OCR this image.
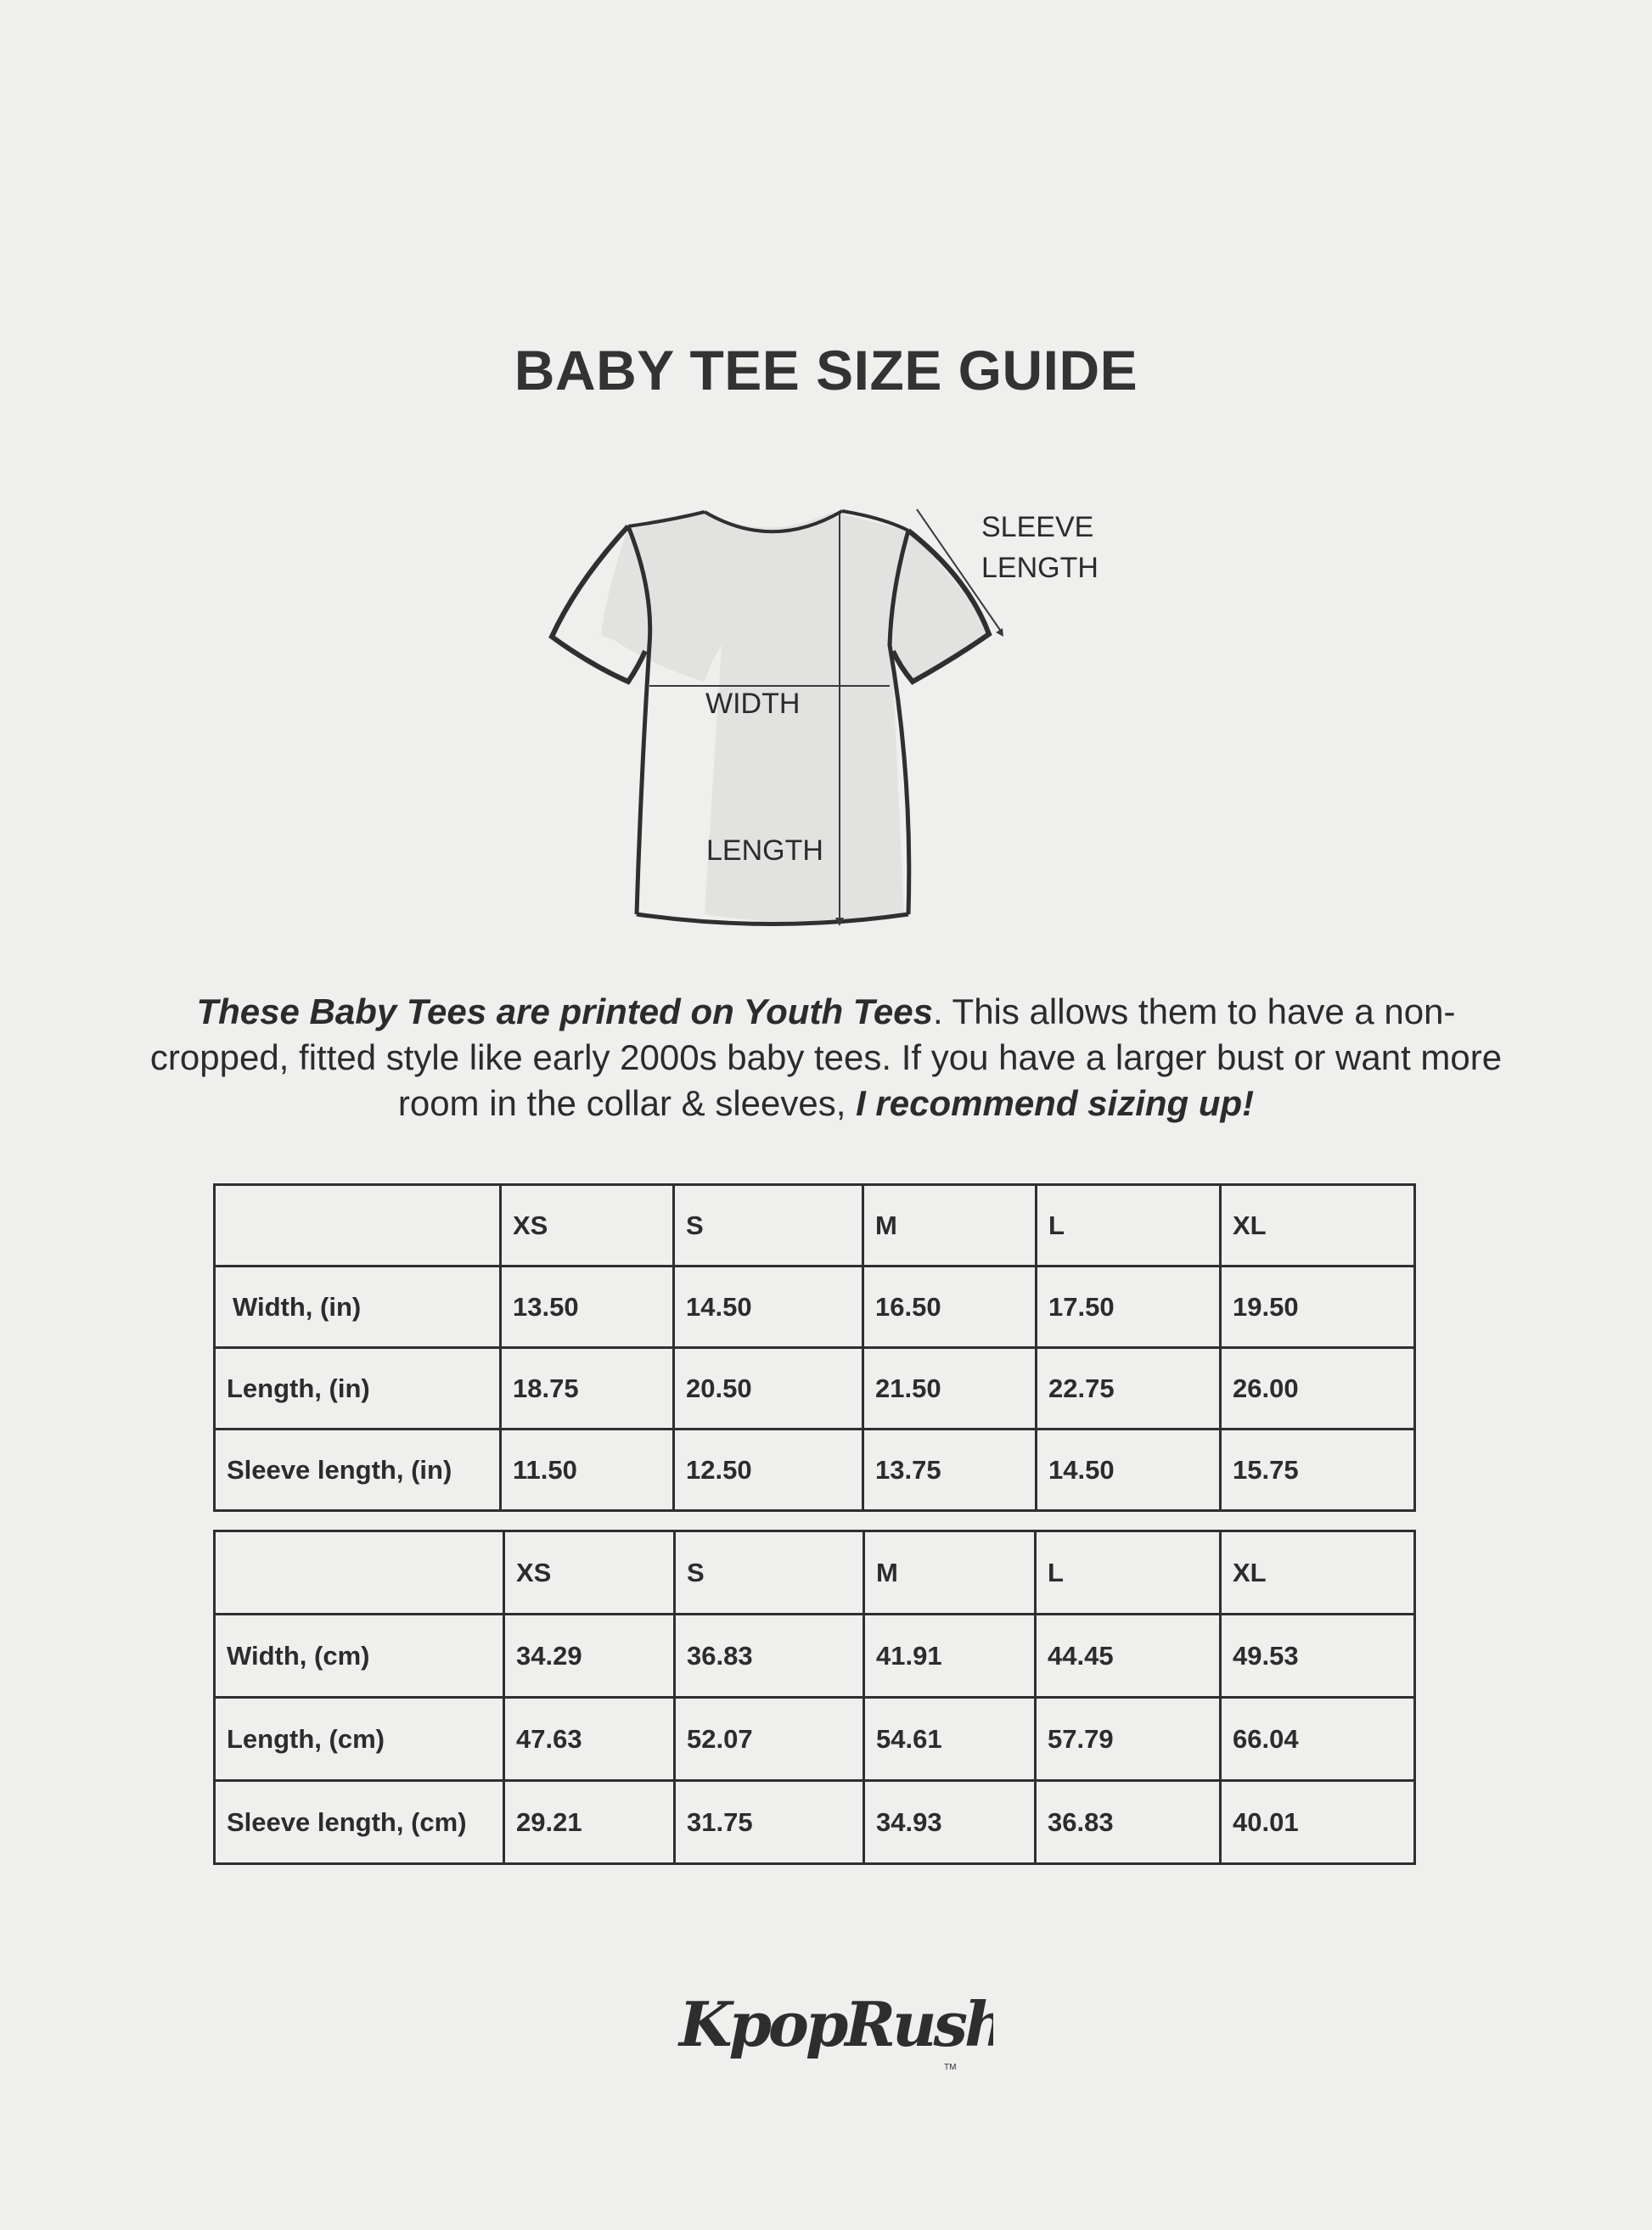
BABY TEE SIZE GUIDE
SLEEVE
LENGTH
WIDTH
LENGTH

These Baby Tees are printed on Youth Tees. This allows them to have a non-cropped, fitted style like early 2000s baby tees. If you have a larger bust or want more room in the collar & sleeves, I recommend sizing up!

	XS	S	M	L	XL
Width, (in)	13.50	14.50	16.50	17.50	19.50
Length, (in)	18.75	20.50	21.50	22.75	26.00
Sleeve length, (in)	11.50	12.50	13.75	14.50	15.75
	XS	S	M	L	XL
Width, (cm)	34.29	36.83	41.91	44.45	49.53
Length, (cm)	47.63	52.07	54.61	57.79	66.04
Sleeve length, (cm)	29.21	31.75	34.93	36.83	40.01
KpopRush
TM
